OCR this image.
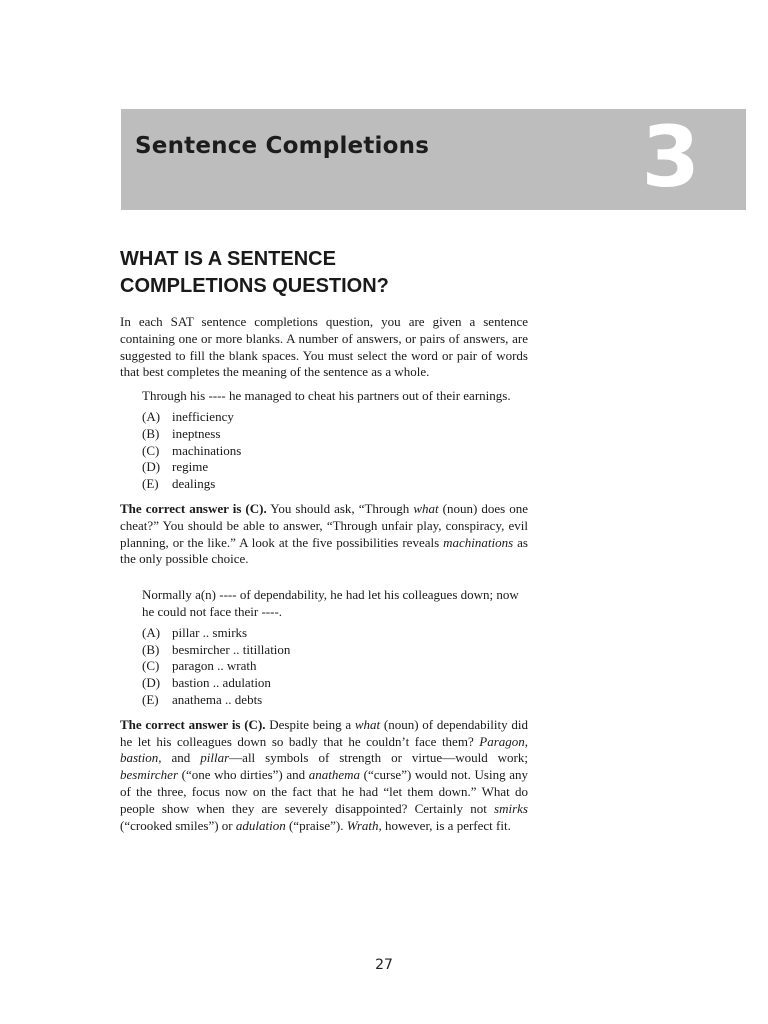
Sentence Completions	3
WHAT IS A SENTENCE
COMPLETIONS QUESTION?

In each SAT sentence completions question, you are given a sentence containing one or more blanks. A number of answers, or pairs of answers, are suggested to fill the blank spaces. You must select the word or pair of words that best completes the meaning of the sentence as a whole.

Through his ---- he managed to cheat his partners out of their earnings.

(A) inefficiency
(B) ineptness
(C) machinations
(D) regime
(E)	dealings

The correct answer is (C). You should ask, “Through what (noun) does one cheat?” You should be able to answer, “Through unfair play, conspiracy, evil planning, or the like.” A look at the five possibilities reveals machinations as the only possible choice.

Normally a(n) ---- of dependability, he had let his colleagues down; now he could not face their ----.

(A) pillar .. smirks
(B) besmircher .. titillation
(C) paragon .. wrath
(D) bastion .. adulation
(E)	anathema .. debts

The correct answer is (C). Despite being a what (noun) of dependability did he let his colleagues down so badly that he couldn’t face them? Paragon, bastion, and pillar—all symbols of strength or virtue—would work; besmircher (“one who dirties”) and anathema (“curse”) would not. Using any of the three, focus now on the fact that he had “let them down.” What do people show when they are severely disappointed? Certainly not smirks (“crooked smiles”) or adulation (“praise”). Wrath, however, is a perfect fit.

27
